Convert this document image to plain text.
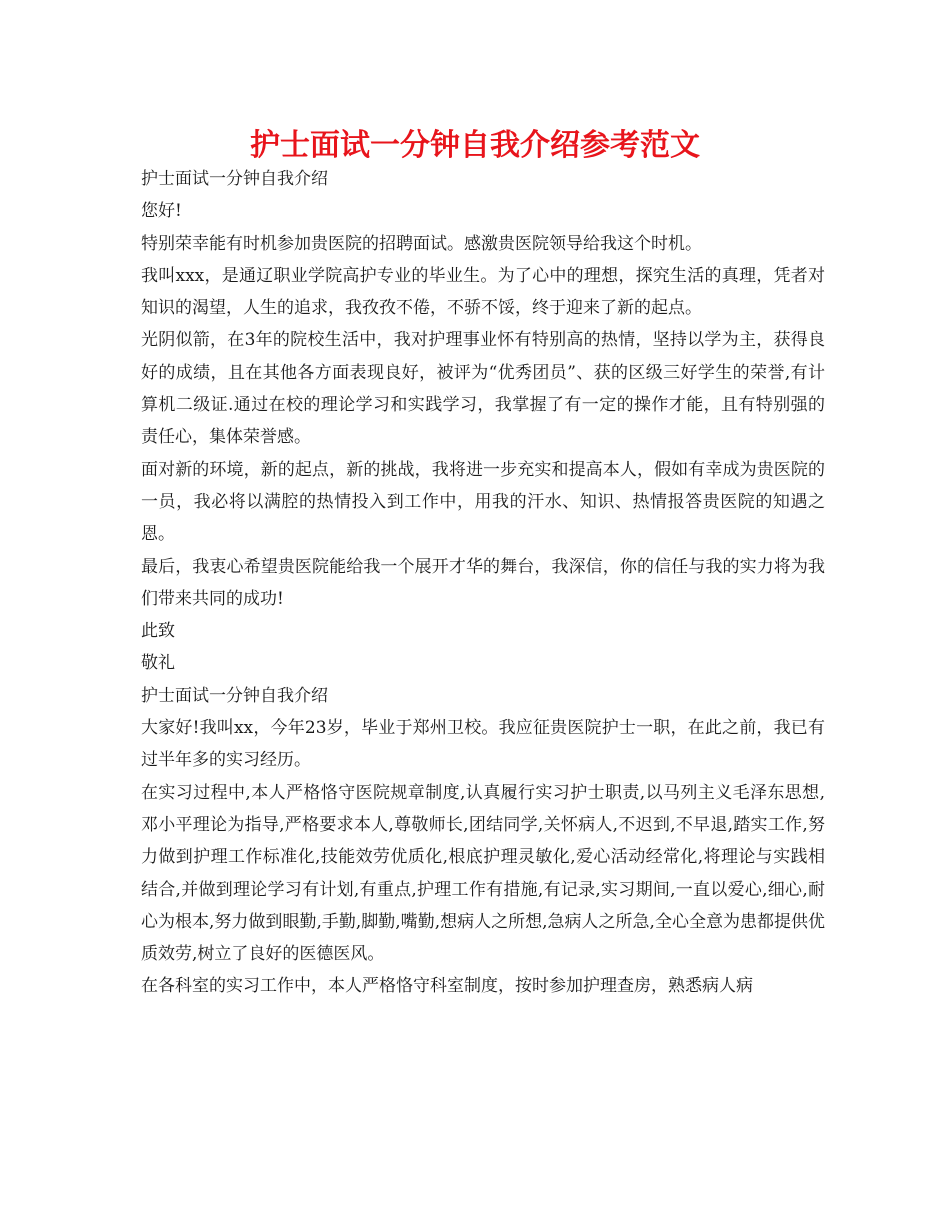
护士面试一分钟自我介绍参考范文

护士面试一分钟自我介绍

您好!

特别荣幸能有时机参加贵医院的招聘面试。感激贵医院领导给我这个时机。

我叫xxx，是通辽职业学院高护专业的毕业生。为了心中的理想，探究生活的真理，凭者对知识的渴望，人生的追求，我孜孜不倦，不骄不馁，终于迎来了新的起点。

光阴似箭，在3年的院校生活中，我对护理事业怀有特别高的热情，坚持以学为主，获得良好的成绩，且在其他各方面表现良好，被评为“优秀团员”、获的区级三好学生的荣誉,有计算机二级证.通过在校的理论学习和实践学习，我掌握了有一定的操作才能，且有特别强的责任心，集体荣誉感。

面对新的环境，新的起点，新的挑战，我将进一步充实和提高本人，假如有幸成为贵医院的一员，我必将以满腔的热情投入到工作中，用我的汗水、知识、热情报答贵医院的知遇之恩。

最后，我衷心希望贵医院能给我一个展开才华的舞台，我深信，你的信任与我的实力将为我们带来共同的成功!

此致

敬礼

护士面试一分钟自我介绍

大家好!我叫xx，今年23岁，毕业于郑州卫校。我应征贵医院护士一职，在此之前，我已有过半年多的实习经历。

在实习过程中,本人严格恪守医院规章制度,认真履行实习护士职责,以马列主义毛泽东思想,邓小平理论为指导,严格要求本人,尊敬师长,团结同学,关怀病人,不迟到,不早退,踏实工作,努力做到护理工作标准化,技能效劳优质化,根底护理灵敏化,爱心活动经常化,将理论与实践相结合,并做到理论学习有计划,有重点,护理工作有措施,有记录,实习期间,一直以爱心,细心,耐心为根本,努力做到眼勤,手勤,脚勤,嘴勤,想病人之所想,急病人之所急,全心全意为患都提供优质效劳,树立了良好的医德医风。

在各科室的实习工作中，本人严格恪守科室制度，按时参加护理查房，熟悉病人病
